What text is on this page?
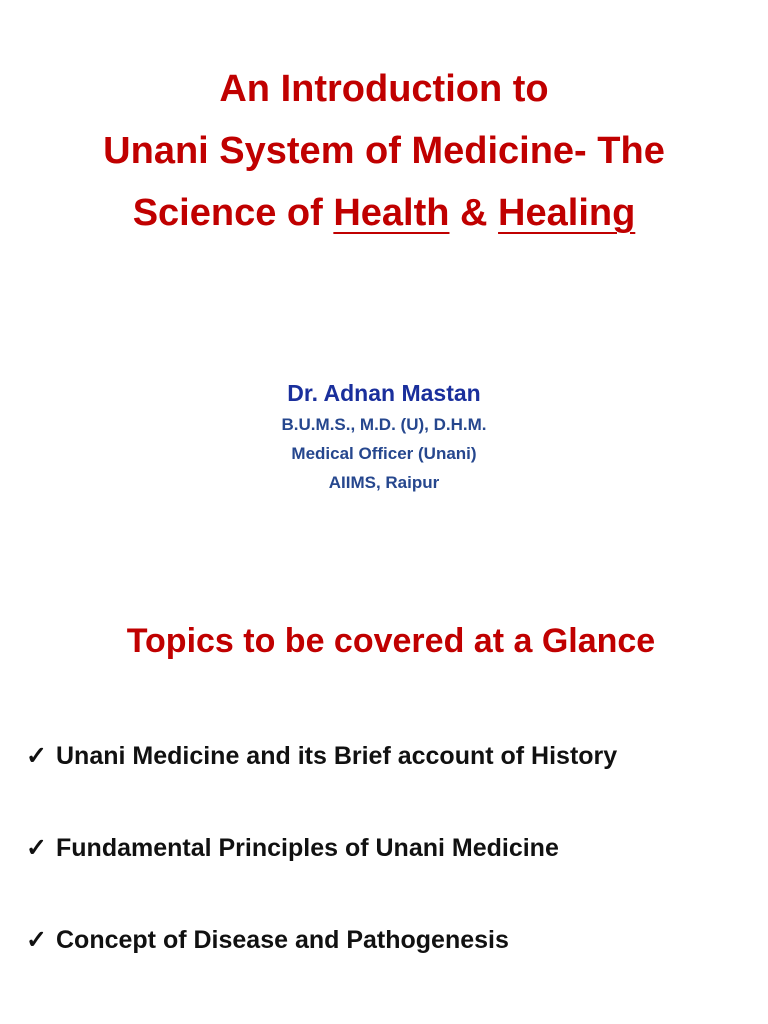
An Introduction to
Unani System of Medicine- The
Science of Health & Healing
Dr. Adnan Mastan
B.U.M.S., M.D. (U), D.H.M.
Medical Officer (Unani)
AIIMS, Raipur
Topics to be covered at a Glance
✓ Unani Medicine and its Brief account of History
✓ Fundamental Principles of Unani Medicine
✓ Concept of Disease and Pathogenesis
